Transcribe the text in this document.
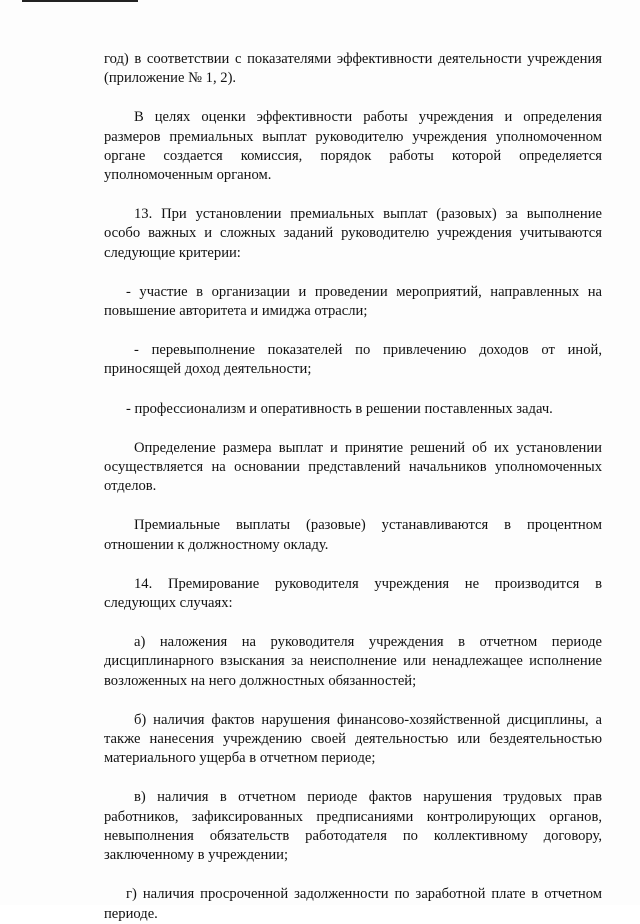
год) в соответствии с показателями эффективности деятельности учреждения (приложение № 1, 2).

В целях оценки эффективности работы учреждения и определения размеров премиальных выплат руководителю учреждения уполномоченном органе создается комиссия, порядок работы которой определяется уполномоченным органом.

13. При установлении премиальных выплат (разовых) за выполнение особо важных и сложных заданий руководителю учреждения учитываются следующие критерии:

- участие в организации и проведении мероприятий, направленных на повышение авторитета и имиджа отрасли;

- перевыполнение показателей по привлечению доходов от иной, приносящей доход деятельности;

- профессионализм и оперативность в решении поставленных задач.

Определение размера выплат и принятие решений об их установлении осуществляется на основании представлений начальников уполномоченных отделов.

Премиальные выплаты (разовые) устанавливаются в процентном отношении к должностному окладу.

14. Премирование руководителя учреждения не производится в следующих случаях:

а) наложения на руководителя учреждения в отчетном периоде дисциплинарного взыскания за неисполнение или ненадлежащее исполнение возложенных на него должностных обязанностей;

б) наличия фактов нарушения финансово-хозяйственной дисциплины, а также нанесения учреждению своей деятельностью или бездеятельностью материального ущерба в отчетном периоде;

в) наличия в отчетном периоде фактов нарушения трудовых прав работников, зафиксированных предписаниями контролирующих органов, невыполнения обязательств работодателя по коллективному договору, заключенному в учреждении;

г) наличия просроченной задолженности по заработной плате в отчетном периоде.
